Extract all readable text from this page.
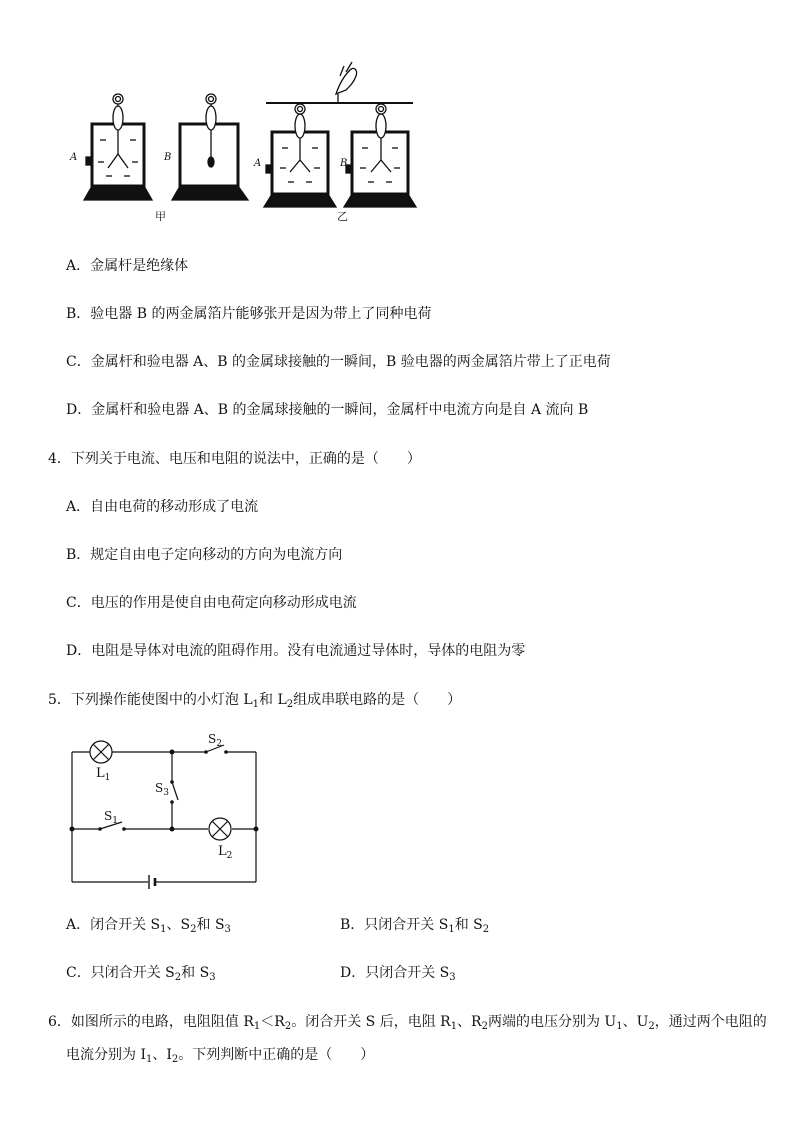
A	B
A	B
甲	乙
A．金属杆是绝缘体
B．验电器 B 的两金属箔片能够张开是因为带上了同种电荷
C．金属杆和验电器 A、B 的金属球接触的一瞬间，B 验电器的两金属箔片带上了正电荷
D．金属杆和验电器 A、B 的金属球接触的一瞬间，金属杆中电流方向是自 A 流向 B
4．下列关于电流、电压和电阻的说法中，正确的是（　　）
A．自由电荷的移动形成了电流
B．规定自由电子定向移动的方向为电流方向
C．电压的作用是使自由电荷定向移动形成电流
D．电阻是导体对电流的阻碍作用。没有电流通过导体时，导体的电阻为零
5．下列操作能使图中的小灯泡 $L_1$和 $L_2$组成串联电路的是（　　）
$L_1$
$L_2$
$S_2$
$S_1$
$S_3$
A．闭合开关 $S_1$、$S_2$和 $S_3$	B．只闭合开关 $S_1$和 $S_2$
C．只闭合开关 $S_2$和 $S_3$	D．只闭合开关 $S_3$
6．如图所示的电路，电阻阻值 $R_1<R_2$。闭合开关 S 后，电阻 $R_1$、$R_2$两端的电压分别为 $U_1$、$U_2$，通过两个电阻的
电流分别为 $I_1$、$I_2$。下列判断中正确的是（　　）
